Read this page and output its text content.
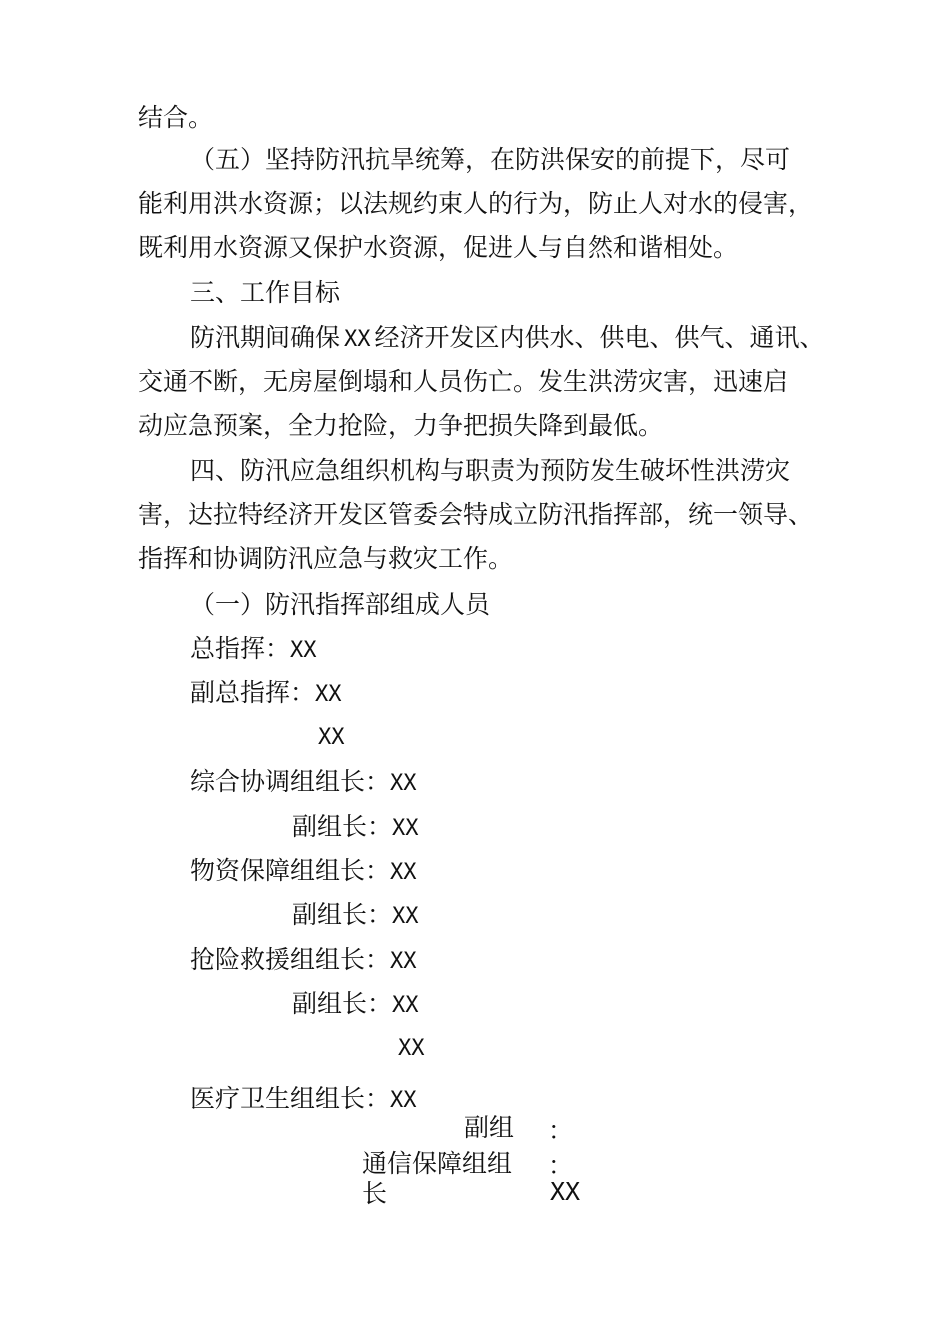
结合。

（五）坚持防汛抗旱统筹，在防洪保安的前提下，尽可

能利用洪水资源；以法规约束人的行为，防止人对水的侵害，

既利用水资源又保护水资源，促进人与自然和谐相处。

三、工作目标

防汛期间确保 XX 经济开发区内供水、供电、供气、通讯、

交通不断，无房屋倒塌和人员伤亡。发生洪涝灾害，迅速启

动应急预案，全力抢险，力争把损失降到最低。

四、防汛应急组织机构与职责为预防发生破坏性洪涝灾

害，达拉特经济开发区管委会特成立防汛指挥部，统一领导、

指挥和协调防汛应急与救灾工作。

（一）防汛指挥部组成人员

总指挥：XX

副总指挥：XX

XX

综合协调组组长：XX

副组长：XX

物资保障组组长：XX

副组长：XX

抢险救援组组长：XX

副组长：XX

XX

医疗卫生组组长：XX

副组 ：

通信保障组组 ：

长	XX
